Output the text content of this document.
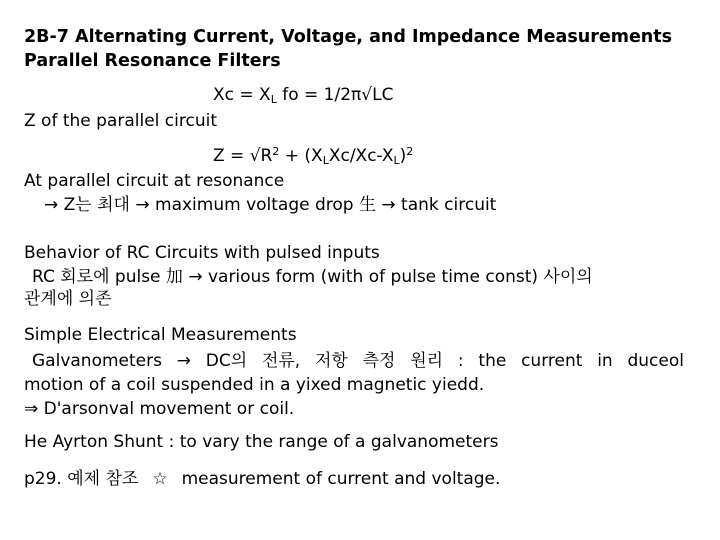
2B-7 Alternating Current, Voltage, and Impedance Measurements
Parallel Resonance Filters
$Xc = X_L$ fo = 1/2π√LC
Z of the parallel circuit
$Z = √R^2 + (X_LXc/Xc-X_L)^2$
At parallel circuit at resonance
→ Z는 최대 → maximum voltage drop 生 → tank circuit
Behavior of RC Circuits with pulsed inputs
RC 회로에 pulse 加 → various form (with of pulse time const) 사이의
관계에 의존
Simple Electrical Measurements
Galvanometers → DC의 전류, 저항 측정 원리 : the current in duceol
motion of a coil suspended in a yixed magnetic yiedd.
⇒ D'arsonval movement or coil.
He Ayrton Shunt : to vary the range of a galvanometers
p29. 예제 참조 ☆ measurement of current and voltage.
